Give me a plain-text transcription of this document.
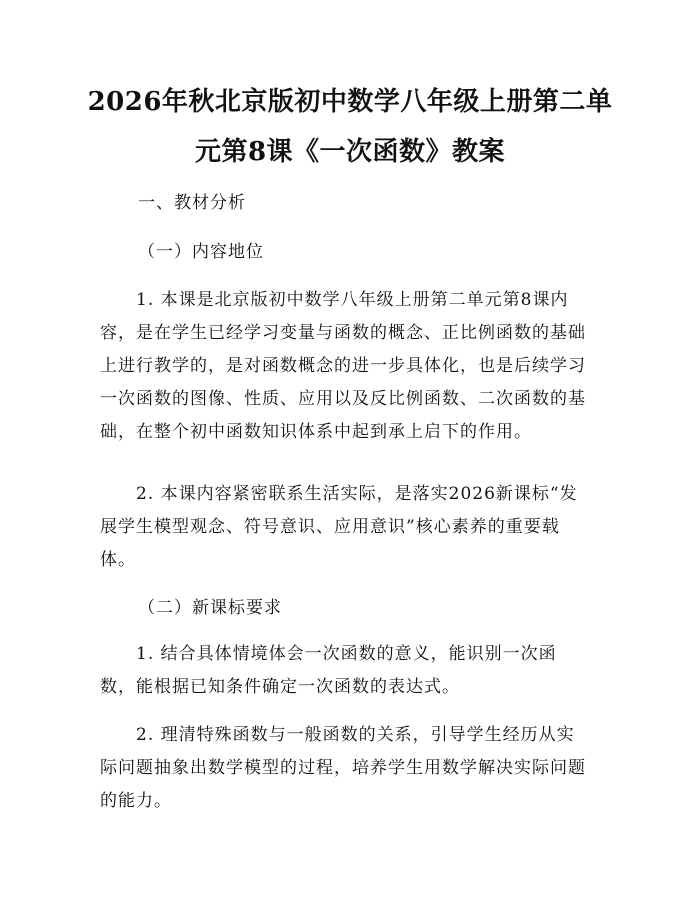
2026年秋北京版初中数学八年级上册第二单
元第8课《一次函数》教案
一、教材分析
（一）内容地位
　　1. 本课是北京版初中数学八年级上册第二单元第8课内
容，是在学生已经学习变量与函数的概念、正比例函数的基础
上进行教学的，是对函数概念的进一步具体化，也是后续学习
一次函数的图像、性质、应用以及反比例函数、二次函数的基
础，在整个初中函数知识体系中起到承上启下的作用。
　　2. 本课内容紧密联系生活实际，是落实2026新课标“发
展学生模型观念、符号意识、应用意识”核心素养的重要载
体。
（二）新课标要求
　　1. 结合具体情境体会一次函数的意义，能识别一次函
数，能根据已知条件确定一次函数的表达式。
　　2. 理清特殊函数与一般函数的关系，引导学生经历从实
际问题抽象出数学模型的过程，培养学生用数学解决实际问题
的能力。
